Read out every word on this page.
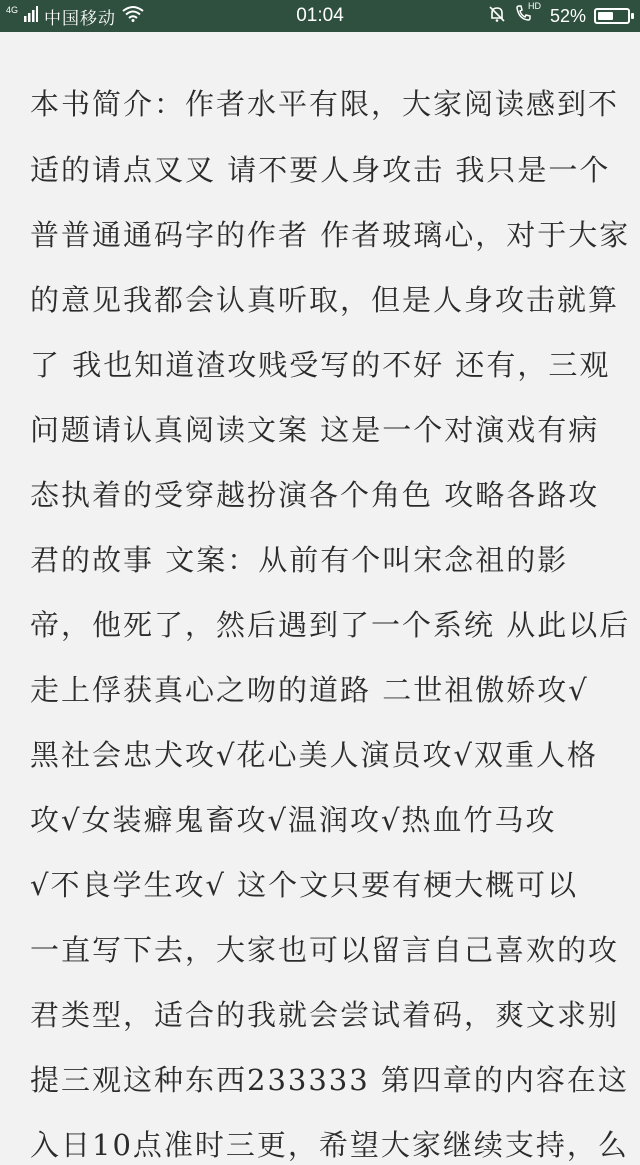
4G 中国移动	01:04	HD 52%
本书简介：作者水平有限，大家阅读感到不
适的请点叉叉 请不要人身攻击 我只是一个
普普通通码字的作者 作者玻璃心，对于大家
的意见我都会认真听取，但是人身攻击就算
了 我也知道渣攻贱受写的不好 还有，三观
问题请认真阅读文案 这是一个对演戏有病
态执着的受穿越扮演各个角色 攻略各路攻
君的故事 文案：从前有个叫宋念祖的影
帝，他死了，然后遇到了一个系统 从此以后
走上俘获真心之吻的道路 二世祖傲娇攻√
黑社会忠犬攻√花心美人演员攻√双重人格
攻√女装癖鬼畜攻√温润攻√热血竹马攻
√不良学生攻√ 这个文只要有梗大概可以
一直写下去，大家也可以留言自己喜欢的攻
君类型，适合的我就会尝试着码，爽文求别
提三观这种东西233333 第四章的内容在这
入日10点准时三更，希望大家继续支持，么
